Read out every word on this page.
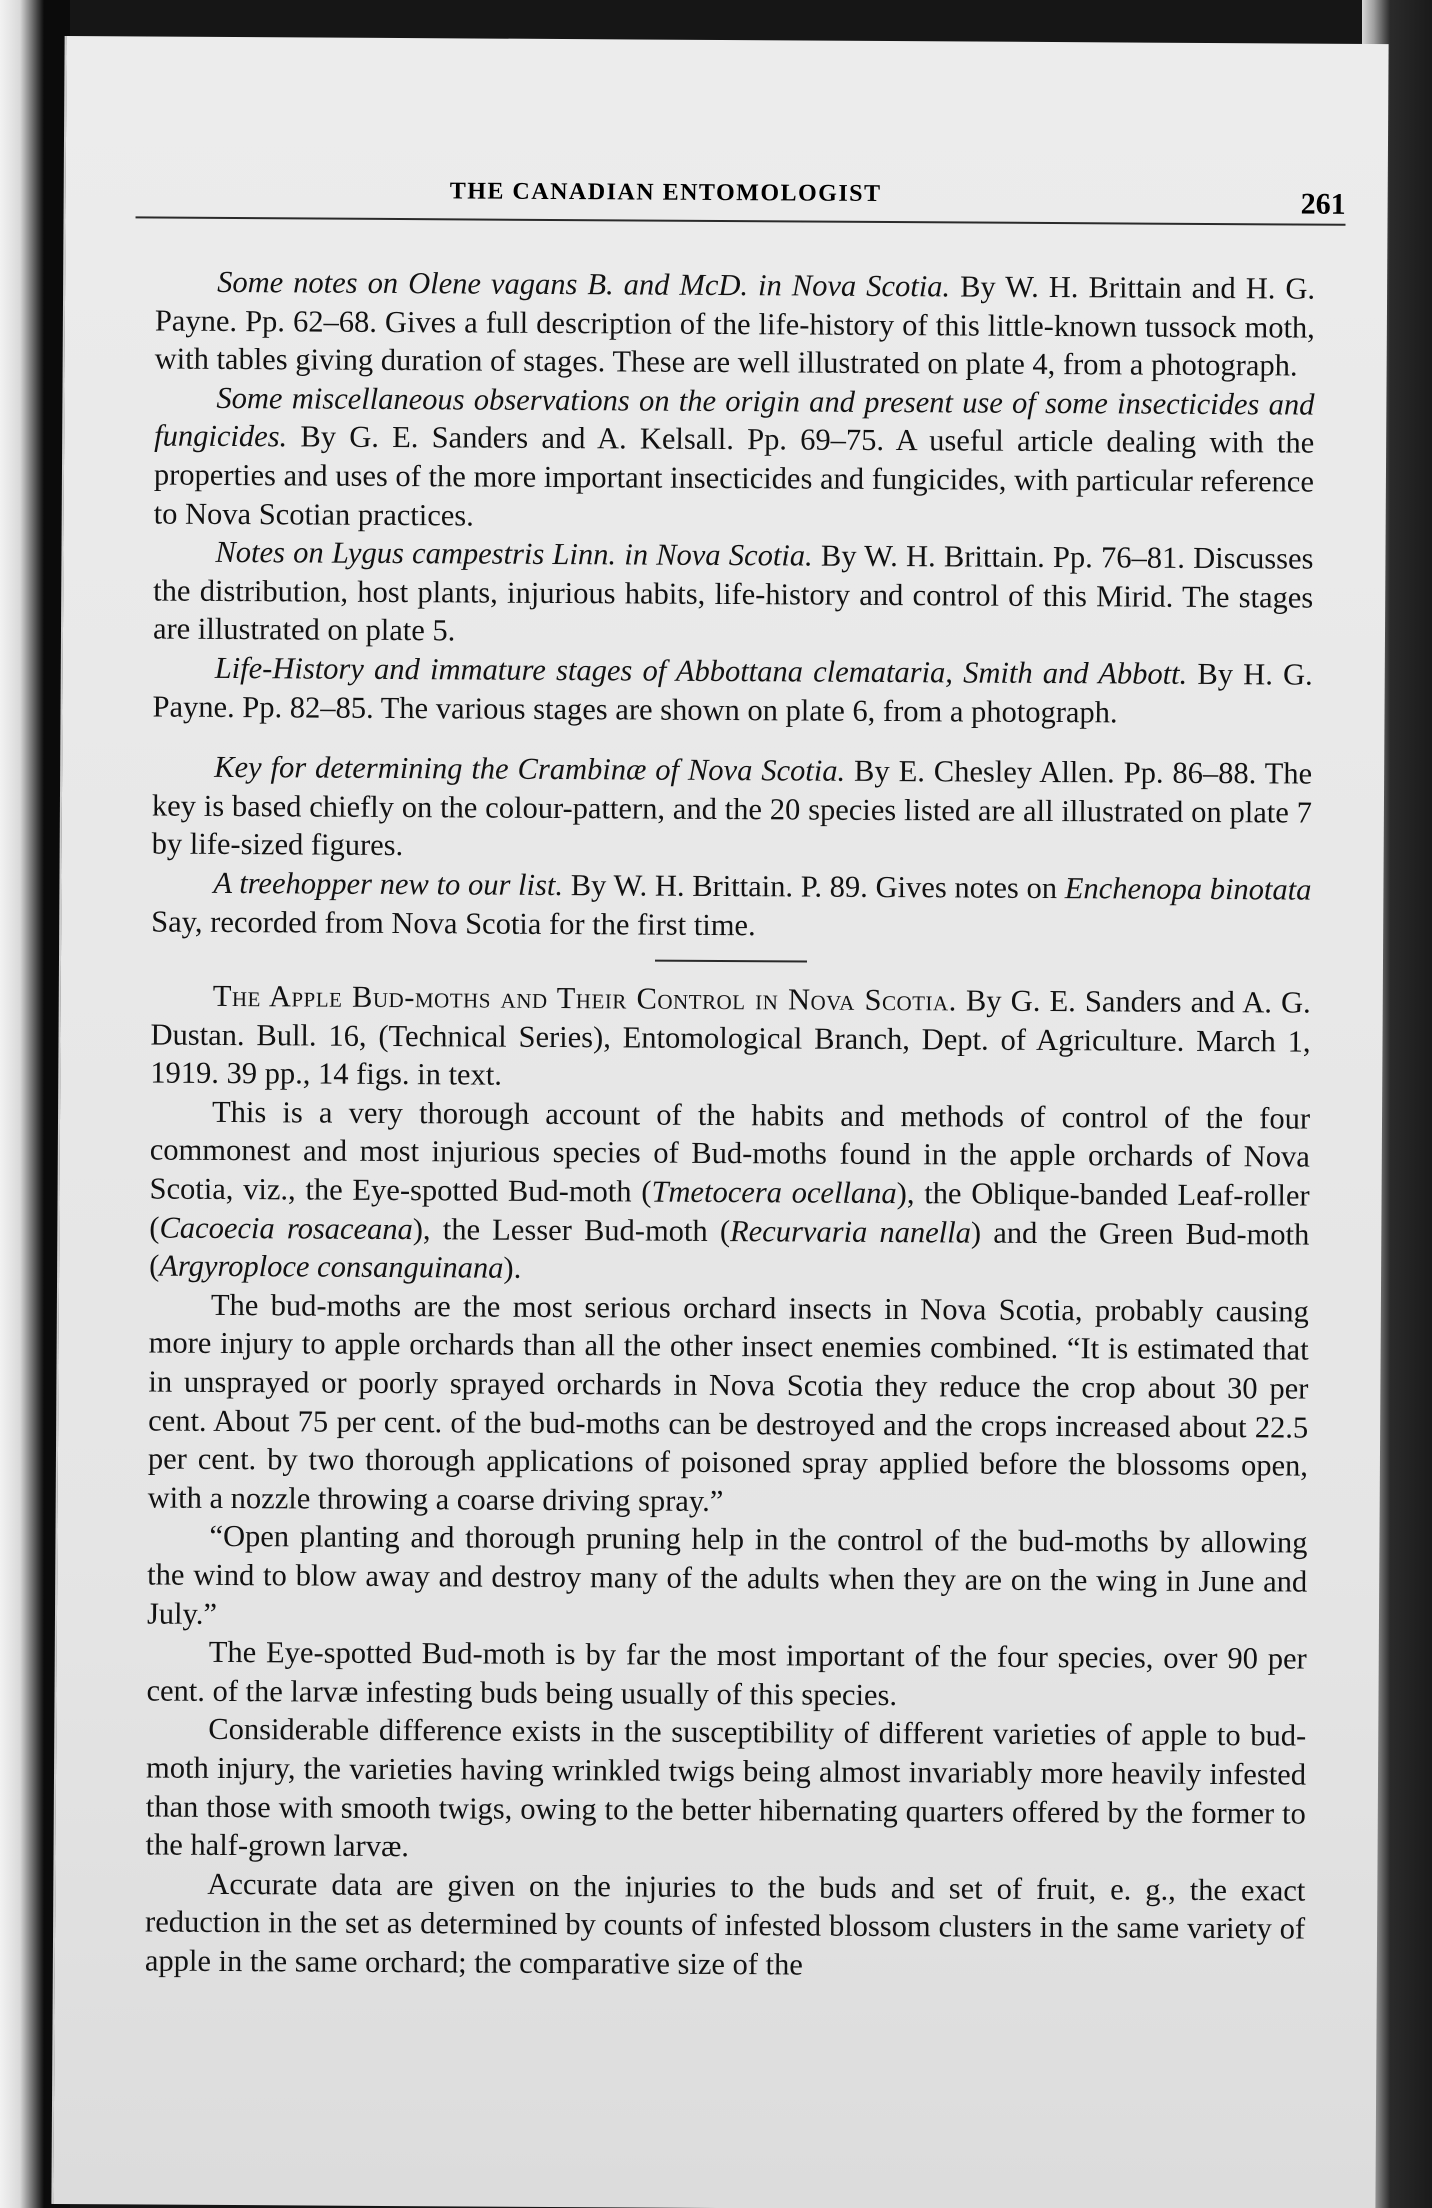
THE CANADIAN ENTOMOLOGIST	261

Some notes on Olene vagans B. and McD. in Nova Scotia. By W. H. Brittain and H. G. Payne. Pp. 62–68. Gives a full description of the life-history of this little-known tussock moth, with tables giving duration of stages. These are well illustrated on plate 4, from a photograph.

Some miscellaneous observations on the origin and present use of some insecticides and fungicides. By G. E. Sanders and A. Kelsall. Pp. 69–75. A useful article dealing with the properties and uses of the more important insecticides and fungicides, with particular reference to Nova Scotian practices.

Notes on Lygus campestris Linn. in Nova Scotia. By W. H. Brittain. Pp. 76–81. Discusses the distribution, host plants, injurious habits, life-history and control of this Mirid. The stages are illustrated on plate 5.

Life-History and immature stages of Abbottana clemataria, Smith and Abbott. By H. G. Payne. Pp. 82–85. The various stages are shown on plate 6, from a photograph.

Key for determining the Crambinæ of Nova Scotia. By E. Chesley Allen. Pp. 86–88. The key is based chiefly on the colour-pattern, and the 20 species listed are all illustrated on plate 7 by life-sized figures.

A treehopper new to our list. By W. H. Brittain. P. 89. Gives notes on Enchenopa binotata Say, recorded from Nova Scotia for the first time.

The Apple Bud-moths and Their Control in Nova Scotia. By G. E. Sanders and A. G. Dustan. Bull. 16, (Technical Series), Entomological Branch, Dept. of Agriculture. March 1, 1919. 39 pp., 14 figs. in text.

This is a very thorough account of the habits and methods of control of the four commonest and most injurious species of Bud-moths found in the apple orchards of Nova Scotia, viz., the Eye-spotted Bud-moth (Tmetocera ocellana), the Oblique-banded Leaf-roller (Cacoecia rosaceana), the Lesser Bud-moth (Recurvaria nanella) and the Green Bud-moth (Argyroploce consanguinana).

The bud-moths are the most serious orchard insects in Nova Scotia, probably causing more injury to apple orchards than all the other insect enemies combined. “It is estimated that in unsprayed or poorly sprayed orchards in Nova Scotia they reduce the crop about 30 per cent. About 75 per cent. of the bud-moths can be destroyed and the crops increased about 22.5 per cent. by two thorough applications of poisoned spray applied before the blossoms open, with a nozzle throwing a coarse driving spray.”

“Open planting and thorough pruning help in the control of the bud-moths by allowing the wind to blow away and destroy many of the adults when they are on the wing in June and July.”

The Eye-spotted Bud-moth is by far the most important of the four species, over 90 per cent. of the larvæ infesting buds being usually of this species.

Considerable difference exists in the susceptibility of different varieties of apple to bud-moth injury, the varieties having wrinkled twigs being almost invariably more heavily infested than those with smooth twigs, owing to the better hibernating quarters offered by the former to the half-grown larvæ.

Accurate data are given on the injuries to the buds and set of fruit, e. g., the exact reduction in the set as determined by counts of infested blossom clusters in the same variety of apple in the same orchard; the comparative size of the
